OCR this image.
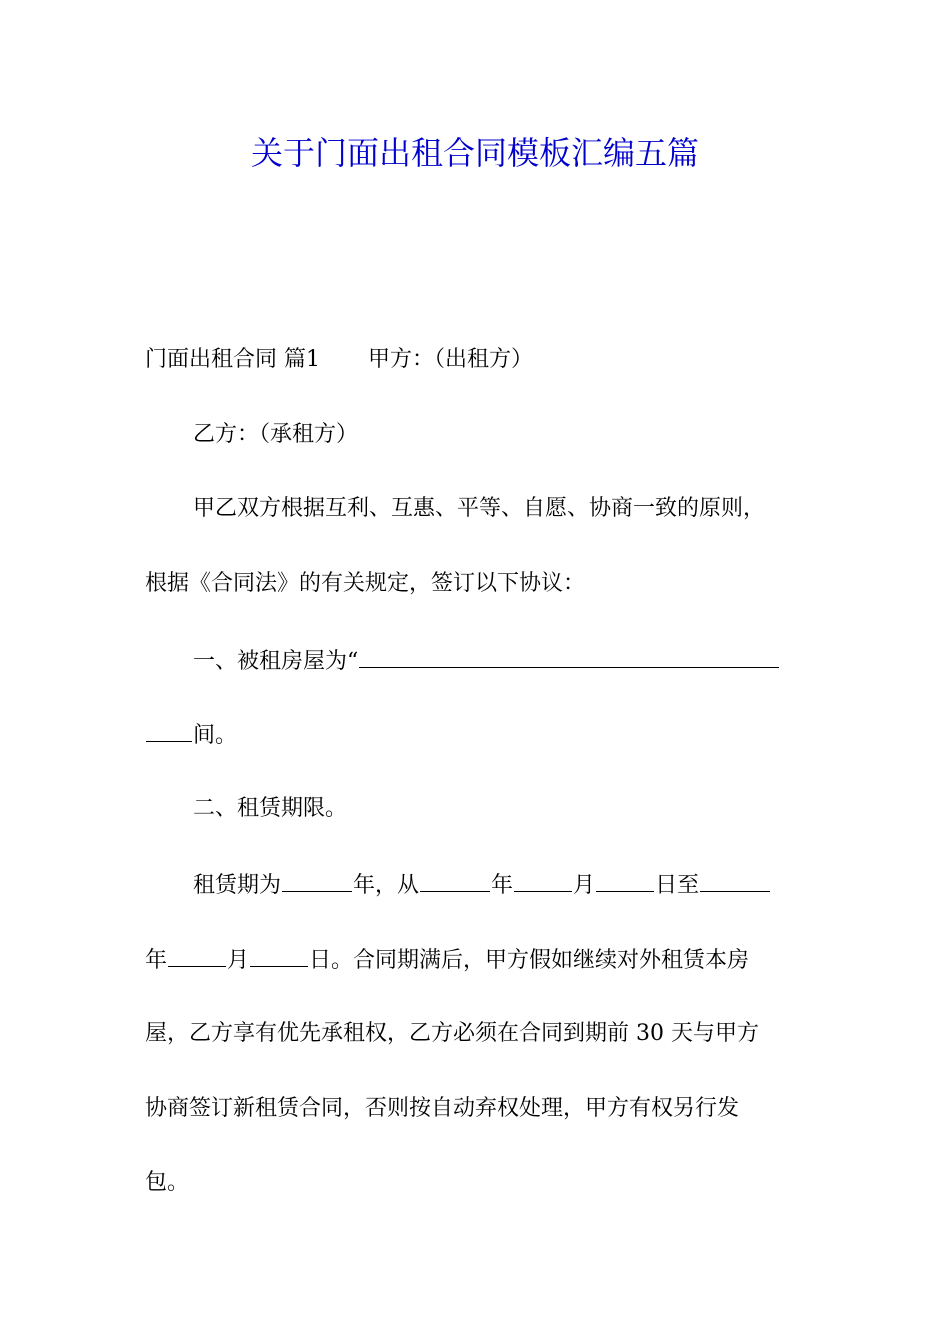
关于门面出租合同模板汇编五篇

门面出租合同 篇1 甲方：（出租方）

乙方：（承租方）

甲乙双方根据互利、互惠、平等、自愿、协商一致的原则，

根据《合同法》的有关规定，签订以下协议：

一、被租房屋为“

间。

二、租赁期限。

租赁期为	年，从	年	月	日至

年	月	日。合同期满后，甲方假如继续对外租赁本房

屋，乙方享有优先承租权，乙方必须在合同到期前 30 天与甲方

协商签订新租赁合同，否则按自动弃权处理，甲方有权另行发

包。
